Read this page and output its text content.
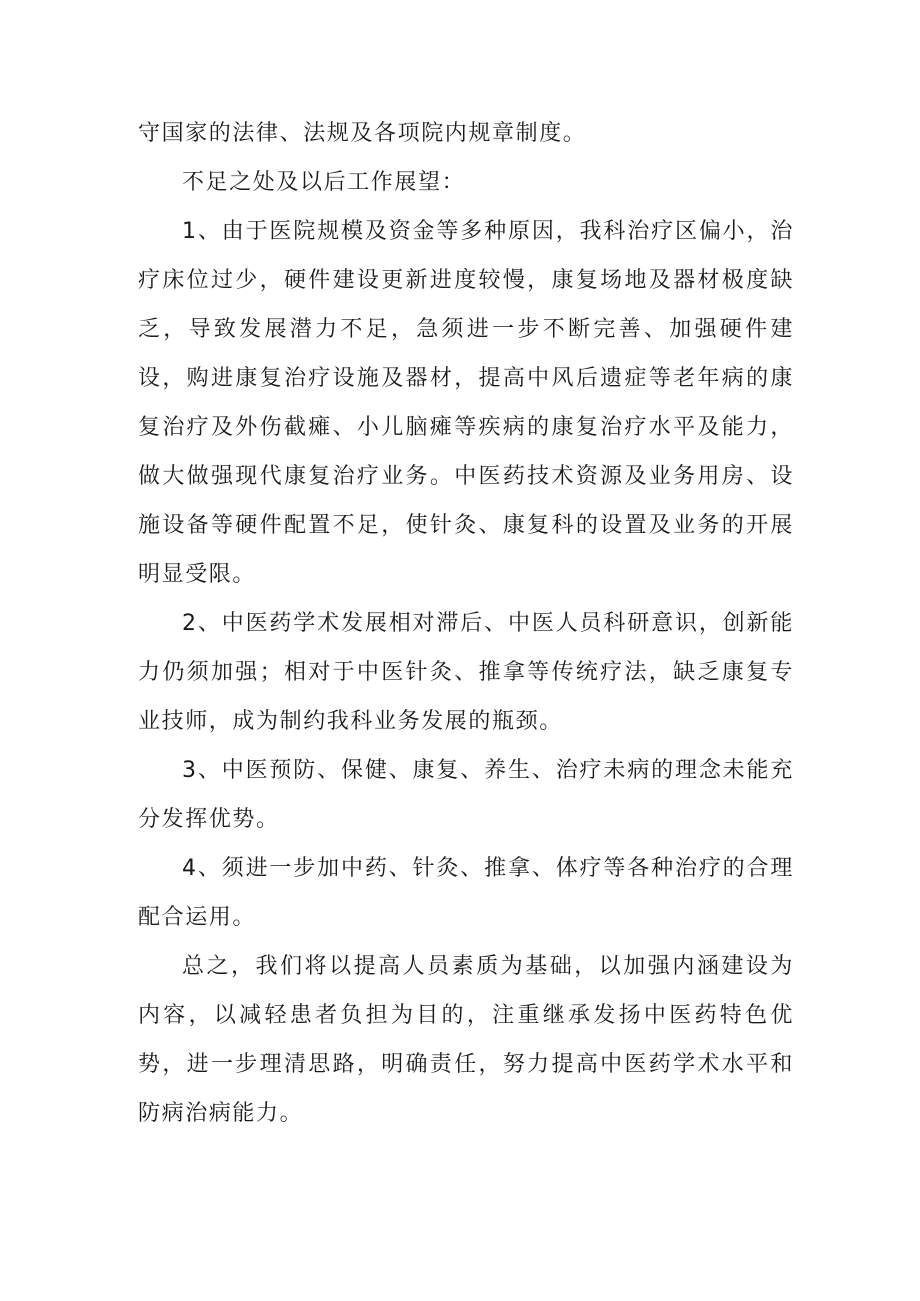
守国家的法律、法规及各项院内规章制度。

不足之处及以后工作展望：

1、由于医院规模及资金等多种原因，我科治疗区偏小，治疗床位过少，硬件建设更新进度较慢，康复场地及器材极度缺乏，导致发展潜力不足，急须进一步不断完善、加强硬件建设，购进康复治疗设施及器材，提高中风后遗症等老年病的康复治疗及外伤截瘫、小儿脑瘫等疾病的康复治疗水平及能力，做大做强现代康复治疗业务。中医药技术资源及业务用房、设施设备等硬件配置不足，使针灸、康复科的设置及业务的开展明显受限。

2、中医药学术发展相对滞后、中医人员科研意识，创新能力仍须加强；相对于中医针灸、推拿等传统疗法，缺乏康复专业技师，成为制约我科业务发展的瓶颈。

3、中医预防、保健、康复、养生、治疗未病的理念未能充分发挥优势。

4、须进一步加中药、针灸、推拿、体疗等各种治疗的合理配合运用。

总之，我们将以提高人员素质为基础，以加强内涵建设为内容，以减轻患者负担为目的，注重继承发扬中医药特色优势，进一步理清思路，明确责任，努力提高中医药学术水平和防病治病能力。
